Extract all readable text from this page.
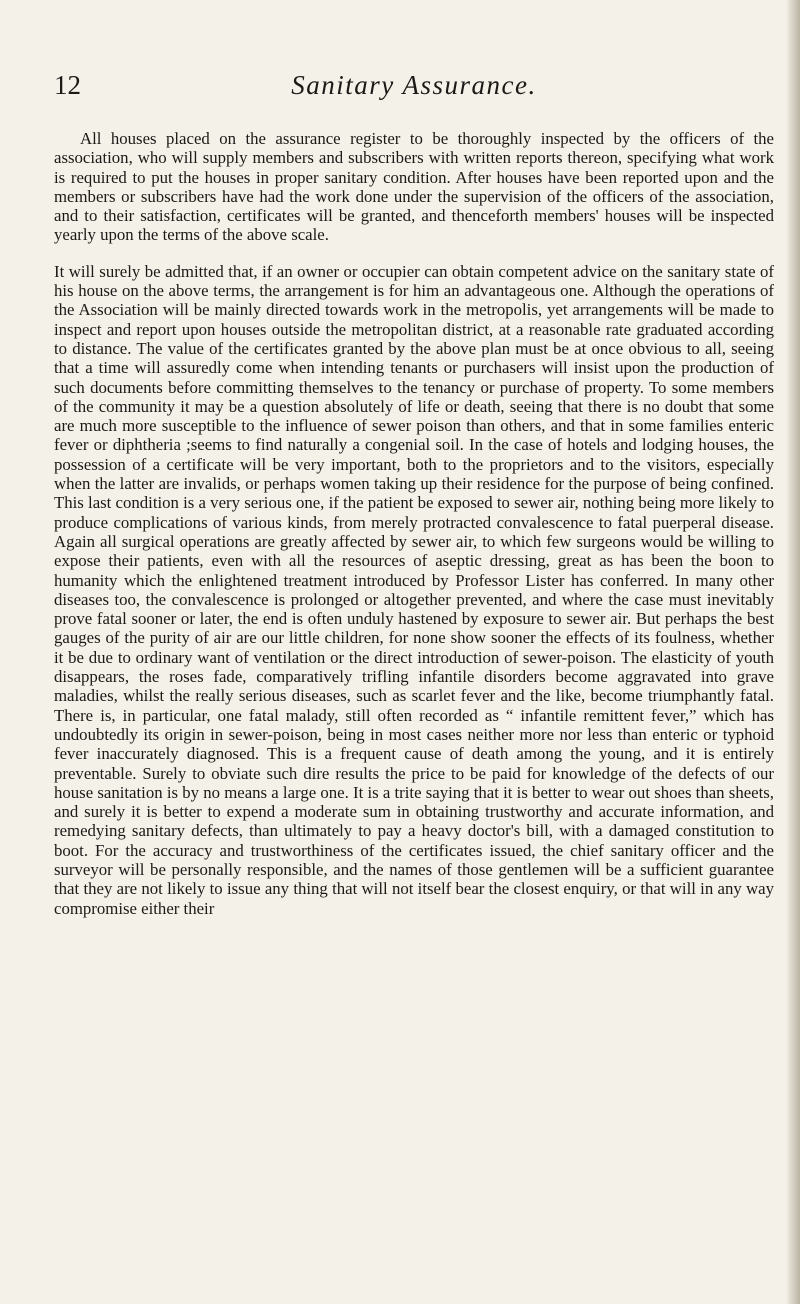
12	Sanitary Assurance.

All houses placed on the assurance register to be thoroughly inspected by the officers of the association, who will supply members and subscribers with written reports thereon, specifying what work is required to put the houses in proper sanitary condition. After houses have been reported upon and the members or subscribers have had the work done under the supervision of the officers of the association, and to their satisfaction, certificates will be granted, and thenceforth members' houses will be inspected yearly upon the terms of the above scale.

It will surely be admitted that, if an owner or occupier can obtain competent advice on the sanitary state of his house on the above terms, the arrangement is for him an advantageous one. Although the operations of the Association will be mainly directed towards work in the metropolis, yet arrangements will be made to inspect and report upon houses outside the metropolitan district, at a reasonable rate graduated according to distance. The value of the certificates granted by the above plan must be at once obvious to all, seeing that a time will assuredly come when intending tenants or purchasers will insist upon the production of such documents before committing themselves to the tenancy or purchase of property. To some members of the community it may be a question absolutely of life or death, seeing that there is no doubt that some are much more susceptible to the influence of sewer poison than others, and that in some families enteric fever or diphtheria ;seems to find naturally a congenial soil. In the case of hotels and lodging houses, the possession of a certificate will be very important, both to the proprietors and to the visitors, especially when the latter are invalids, or perhaps women taking up their residence for the purpose of being confined. This last condition is a very serious one, if the patient be exposed to sewer air, nothing being more likely to produce complications of various kinds, from merely protracted convalescence to fatal puerperal disease. Again all surgical operations are greatly affected by sewer air, to which few surgeons would be willing to expose their patients, even with all the resources of aseptic dressing, great as has been the boon to humanity which the enlightened treatment introduced by Professor Lister has conferred. In many other diseases too, the convalescence is prolonged or altogether prevented, and where the case must inevitably prove fatal sooner or later, the end is often unduly hastened by exposure to sewer air. But perhaps the best gauges of the purity of air are our little children, for none show sooner the effects of its foulness, whether it be due to ordinary want of ventilation or the direct introduction of sewer-poison. The elasticity of youth disappears, the roses fade, comparatively trifling infantile disorders become aggravated into grave maladies, whilst the really serious diseases, such as scarlet fever and the like, become triumphantly fatal. There is, in particular, one fatal malady, still often recorded as “ infantile remittent fever,” which has undoubtedly its origin in sewer-poison, being in most cases neither more nor less than enteric or typhoid fever inaccurately diagnosed. This is a frequent cause of death among the young, and it is entirely preventable. Surely to obviate such dire results the price to be paid for knowledge of the defects of our house sanitation is by no means a large one. It is a trite saying that it is better to wear out shoes than sheets, and surely it is better to expend a moderate sum in obtaining trustworthy and accurate information, and remedying sanitary defects, than ultimately to pay a heavy doctor's bill, with a damaged constitution to boot. For the accuracy and trustworthiness of the certificates issued, the chief sanitary officer and the surveyor will be personally responsible, and the names of those gentlemen will be a sufficient guarantee that they are not likely to issue any thing that will not itself bear the closest enquiry, or that will in any way compromise either their
